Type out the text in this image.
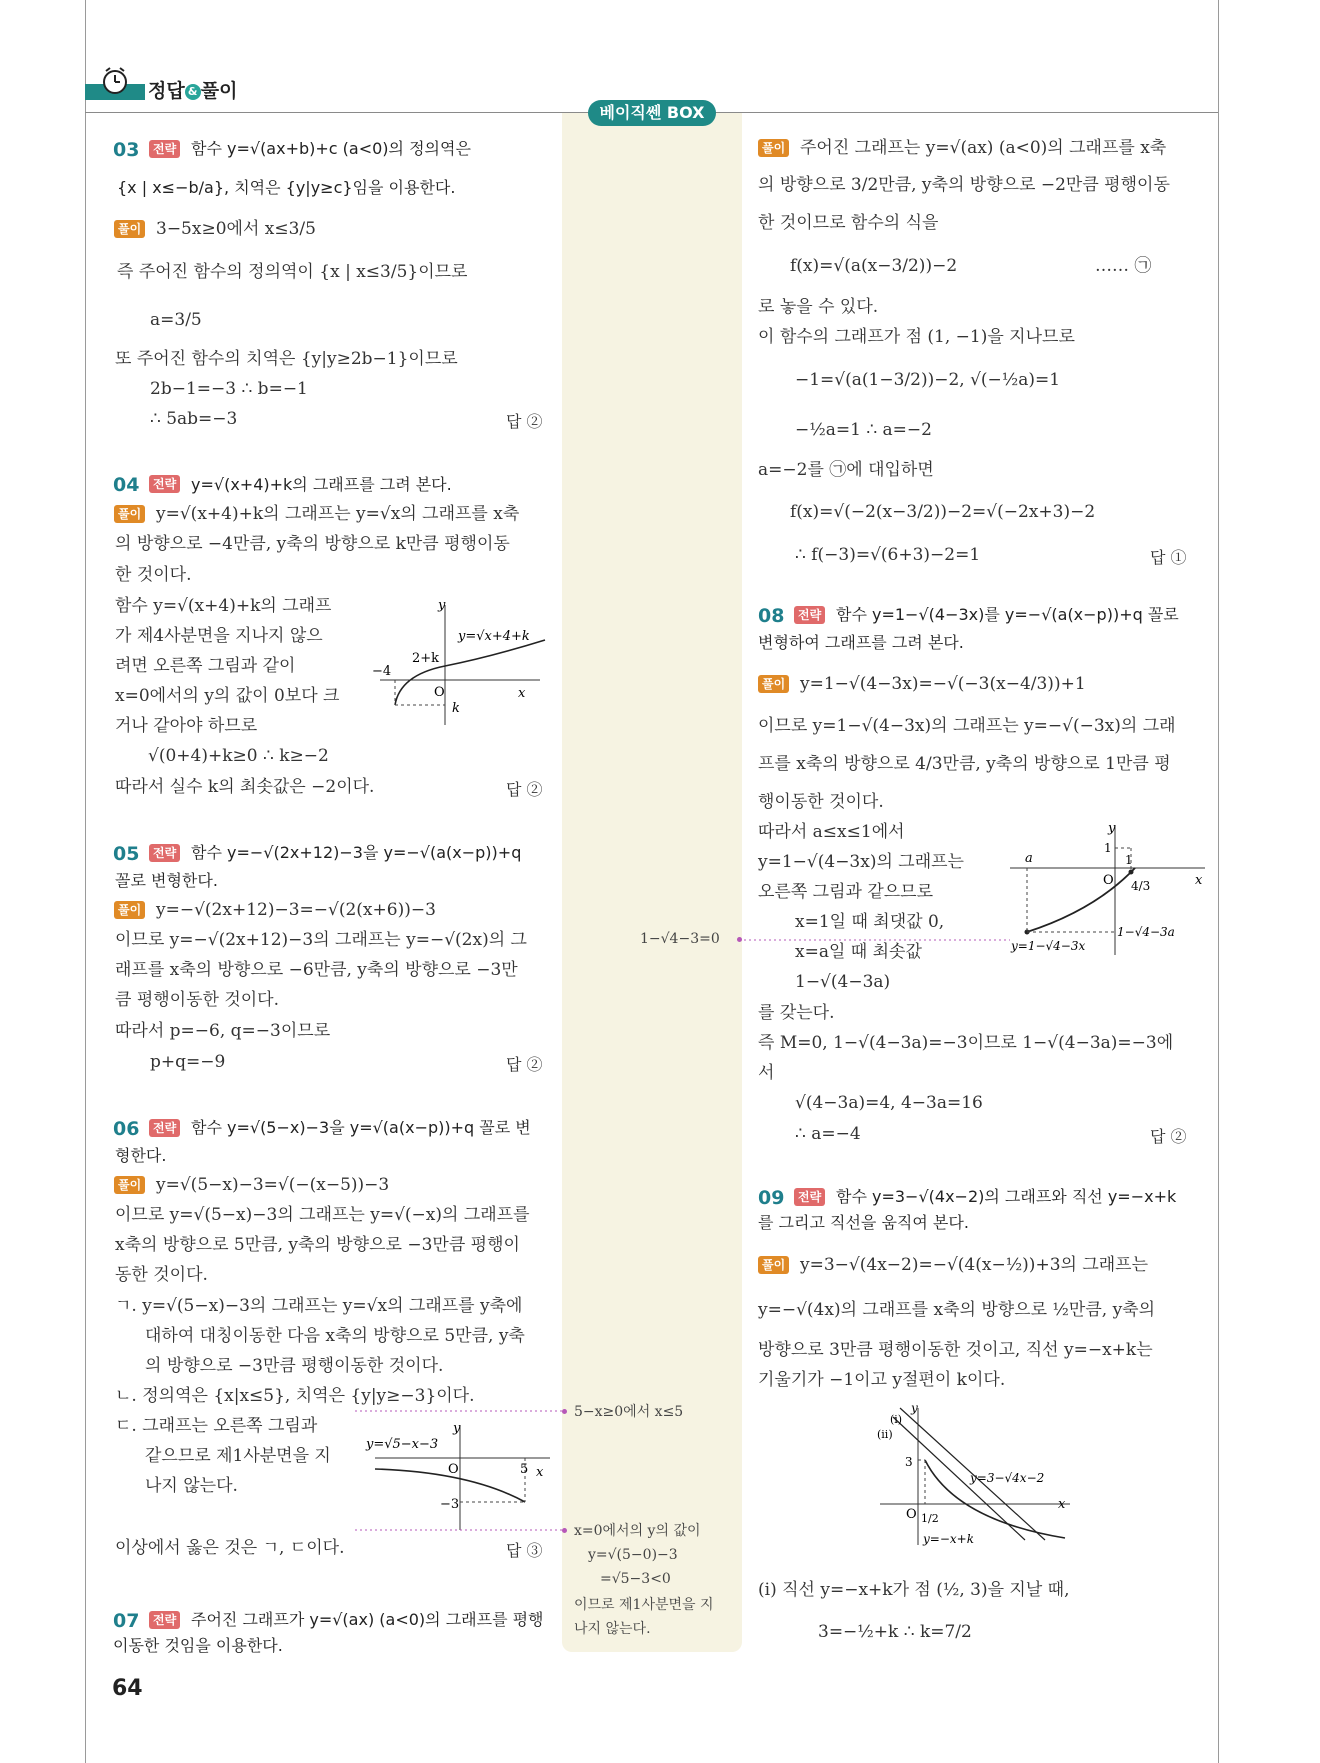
정답 & 풀이
베이직쎈 BOX
03	전략 함수 y=√(ax+b)+c (a<0)의 정의역은
{x | x≤−b/a}, 치역은 {y|y≥c}임을 이용한다.
풀이 3−5x≥0에서 x≤3/5
즉 주어진 함수의 정의역이 {x | x≤3/5}이므로
a=3/5
또 주어진 함수의 치역은 {y|y≥2b−1}이므로
2b−1=−3 ∴ b=−1
∴ 5ab=−3	답 ②
04	전략 y=√(x+4)+k의 그래프를 그려 본다.
풀이 y=√(x+4)+k의 그래프는 y=√x의 그래프를 x축
의 방향으로 −4만큼, y축의 방향으로 k만큼 평행이동
한 것이다.
함수 y=√(x+4)+k의 그래프
가 제4사분면을 지나지 않으
려면 오른쪽 그림과 같이
x=0에서의 y의 값이 0보다 크
거나 같아야 하므로
√(0+4)+k≥0 ∴ k≥−2
따라서 실수 k의 최솟값은 −2이다.	답 ②
y
x
O
−4
2+k
k
y=√x+4+k
05	전략 함수 y=−√(2x+12)−3을 y=−√(a(x−p))+q
꼴로 변형한다.
풀이 y=−√(2x+12)−3=−√(2(x+6))−3
이므로 y=−√(2x+12)−3의 그래프는 y=−√(2x)의 그
래프를 x축의 방향으로 −6만큼, y축의 방향으로 −3만
큼 평행이동한 것이다.
따라서 p=−6, q=−3이므로
p+q=−9	답 ②
06	전략 함수 y=√(5−x)−3을 y=√(a(x−p))+q 꼴로 변
형한다.
풀이 y=√(5−x)−3=√(−(x−5))−3
이므로 y=√(5−x)−3의 그래프는 y=√(−x)의 그래프를
x축의 방향으로 5만큼, y축의 방향으로 −3만큼 평행이
동한 것이다.
ㄱ. y=√(5−x)−3의 그래프는 y=√x의 그래프를 y축에
대하여 대칭이동한 다음 x축의 방향으로 5만큼, y축
의 방향으로 −3만큼 평행이동한 것이다.
ㄴ. 정의역은 {x|x≤5}, 치역은 {y|y≥−3}이다.
ㄷ. 그래프는 오른쪽 그림과
같으므로 제1사분면을 지
나지 않는다.
이상에서 옳은 것은 ㄱ, ㄷ이다.	답 ③
y
x
O	5
−3
y=√5−x−3
07	전략 주어진 그래프가 y=√(ax) (a<0)의 그래프를 평행
이동한 것임을 이용한다.
64
1−√4−3=0
5−x≥0에서 x≤5
x=0에서의 y의 값이
y=√(5−0)−3
=√5−3<0
이므로 제1사분면을 지
나지 않는다.
풀이 주어진 그래프는 y=√(ax) (a<0)의 그래프를 x축
의 방향으로 3/2만큼, y축의 방향으로 −2만큼 평행이동
한 것이므로 함수의 식을
f(x)=√(a(x−3/2))−2	…… ㉠
로 놓을 수 있다.
이 함수의 그래프가 점 (1, −1)을 지나므로
−1=√(a(1−3/2))−2, √(−½a)=1
−½a=1 ∴ a=−2
a=−2를 ㉠에 대입하면
f(x)=√(−2(x−3/2))−2=√(−2x+3)−2
∴ f(−3)=√(6+3)−2=1	답 ①
08	전략 함수 y=1−√(4−3x)를 y=−√(a(x−p))+q 꼴로
변형하여 그래프를 그려 본다.
풀이 y=1−√(4−3x)=−√(−3(x−4/3))+1
이므로 y=1−√(4−3x)의 그래프는 y=−√(−3x)의 그래
프를 x축의 방향으로 4/3만큼, y축의 방향으로 1만큼 평
행이동한 것이다.
따라서 a≤x≤1에서
y=1−√(4−3x)의 그래프는
오른쪽 그림과 같으므로
x=1일 때 최댓값 0,
x=a일 때 최솟값
1−√(4−3a)
를 갖는다.
즉 M=0, 1−√(4−3a)=−3이므로 1−√(4−3a)=−3에
서
√(4−3a)=4, 4−3a=16
∴ a=−4	답 ②
y
x
O
a
1
1
4/3
1−√4−3a
y=1−√4−3x
09	전략 함수 y=3−√(4x−2)의 그래프와 직선 y=−x+k
를 그리고 직선을 움직여 본다.
풀이 y=3−√(4x−2)=−√(4(x−½))+3의 그래프는
y=−√(4x)의 그래프를 x축의 방향으로 ½만큼, y축의
방향으로 3만큼 평행이동한 것이고, 직선 y=−x+k는
기울기가 −1이고 y절편이 k이다.
(i) 직선 y=−x+k가 점 (½, 3)을 지날 때,
3=−½+k ∴ k=7/2
y
x
O
3
1/2
(i)
(ii)
y=3−√4x−2
y=−x+k
